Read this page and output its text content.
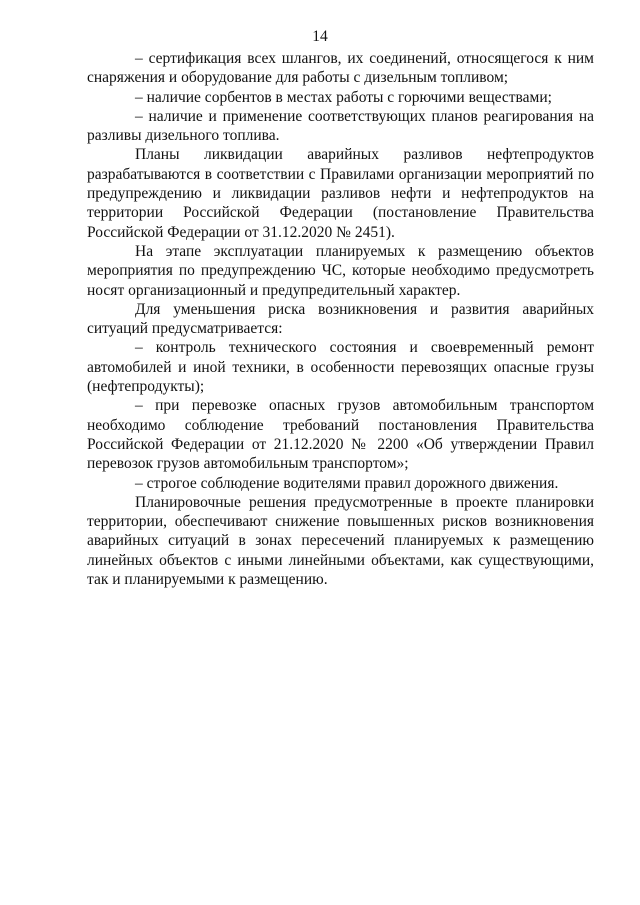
14

– сертификация всех шлангов, их соединений, относящегося к ним снаряжения и оборудование для работы с дизельным топливом;

– наличие сорбентов в местах работы с горючими веществами;

– наличие и применение соответствующих планов реагирования на разливы дизельного топлива.

Планы ликвидации аварийных разливов нефтепродуктов разрабатываются в соответствии с Правилами организации мероприятий по предупреждению и ликвидации разливов нефти и нефтепродуктов на территории Российской Федерации (постановление Правительства Российской Федерации от 31.12.2020 № 2451).

На этапе эксплуатации планируемых к размещению объектов мероприятия по предупреждению ЧС, которые необходимо предусмотреть носят организационный и предупредительный характер.

Для уменьшения риска возникновения и развития аварийных ситуаций предусматривается:

– контроль технического состояния и своевременный ремонт автомобилей и иной техники, в особенности перевозящих опасные грузы (нефтепродукты);

– при перевозке опасных грузов автомобильным транспортом необходимо соблюдение требований постановления Правительства Российской Федерации от 21.12.2020 № 2200 «Об утверждении Правил перевозок грузов автомобильным транспортом»;

– строгое соблюдение водителями правил дорожного движения.

Планировочные решения предусмотренные в проекте планировки территории, обеспечивают снижение повышенных рисков возникновения аварийных ситуаций в зонах пересечений планируемых к размещению линейных объектов с иными линейными объектами, как существующими, так и планируемыми к размещению.
